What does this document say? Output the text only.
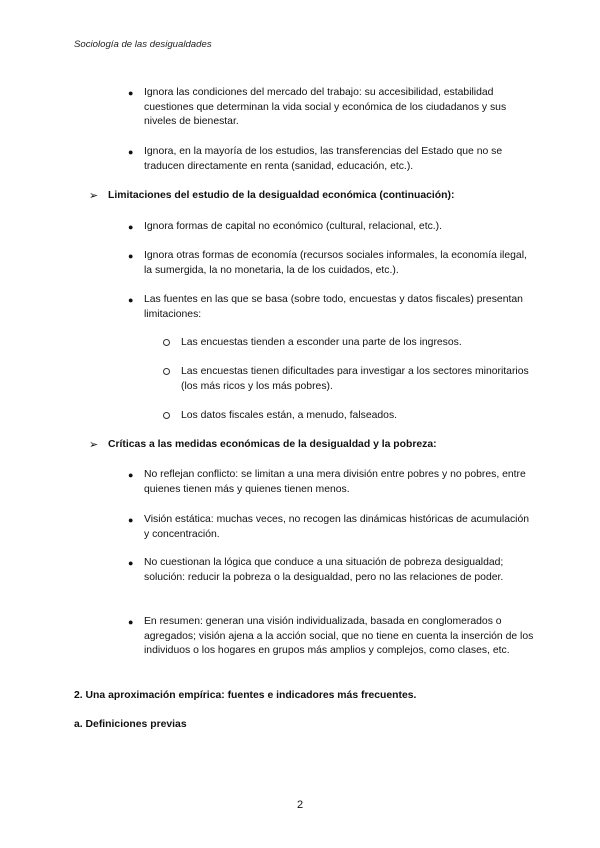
Sociología de las desigualdades
● Ignora las condiciones del mercado del trabajo: su accesibilidad, estabilidad cuestiones que determinan la vida social y económica de los ciudadanos y sus niveles de bienestar.
● Ignora, en la mayoría de los estudios, las transferencias del Estado que no se traducen directamente en renta (sanidad, educación, etc.).
➢ Limitaciones del estudio de la desigualdad económica (continuación):
● Ignora formas de capital no económico (cultural, relacional, etc.).
● Ignora otras formas de economía (recursos sociales informales, la economía ilegal, la sumergida, la no monetaria, la de los cuidados, etc.).
● Las fuentes en las que se basa (sobre todo, encuestas y datos fiscales) presentan limitaciones:
Las encuestas tienden a esconder una parte de los ingresos.
Las encuestas tienen dificultades para investigar a los sectores minoritarios (los más ricos y los más pobres).
Los datos fiscales están, a menudo, falseados.
➢ Críticas a las medidas económicas de la desigualdad y la pobreza:
● No reflejan conflicto: se limitan a una mera división entre pobres y no pobres, entre quienes tienen más y quienes tienen menos.
● Visión estática: muchas veces, no recogen las dinámicas históricas de acumulación y concentración.
● No cuestionan la lógica que conduce a una situación de pobreza desigualdad; solución: reducir la pobreza o la desigualdad, pero no las relaciones de poder.
● En resumen: generan una visión individualizada, basada en conglomerados o agregados; visión ajena a la acción social, que no tiene en cuenta la inserción de los individuos o los hogares en grupos más amplios y complejos, como clases, etc.
2. Una aproximación empírica: fuentes e indicadores más frecuentes.
a. Definiciones previas
2
